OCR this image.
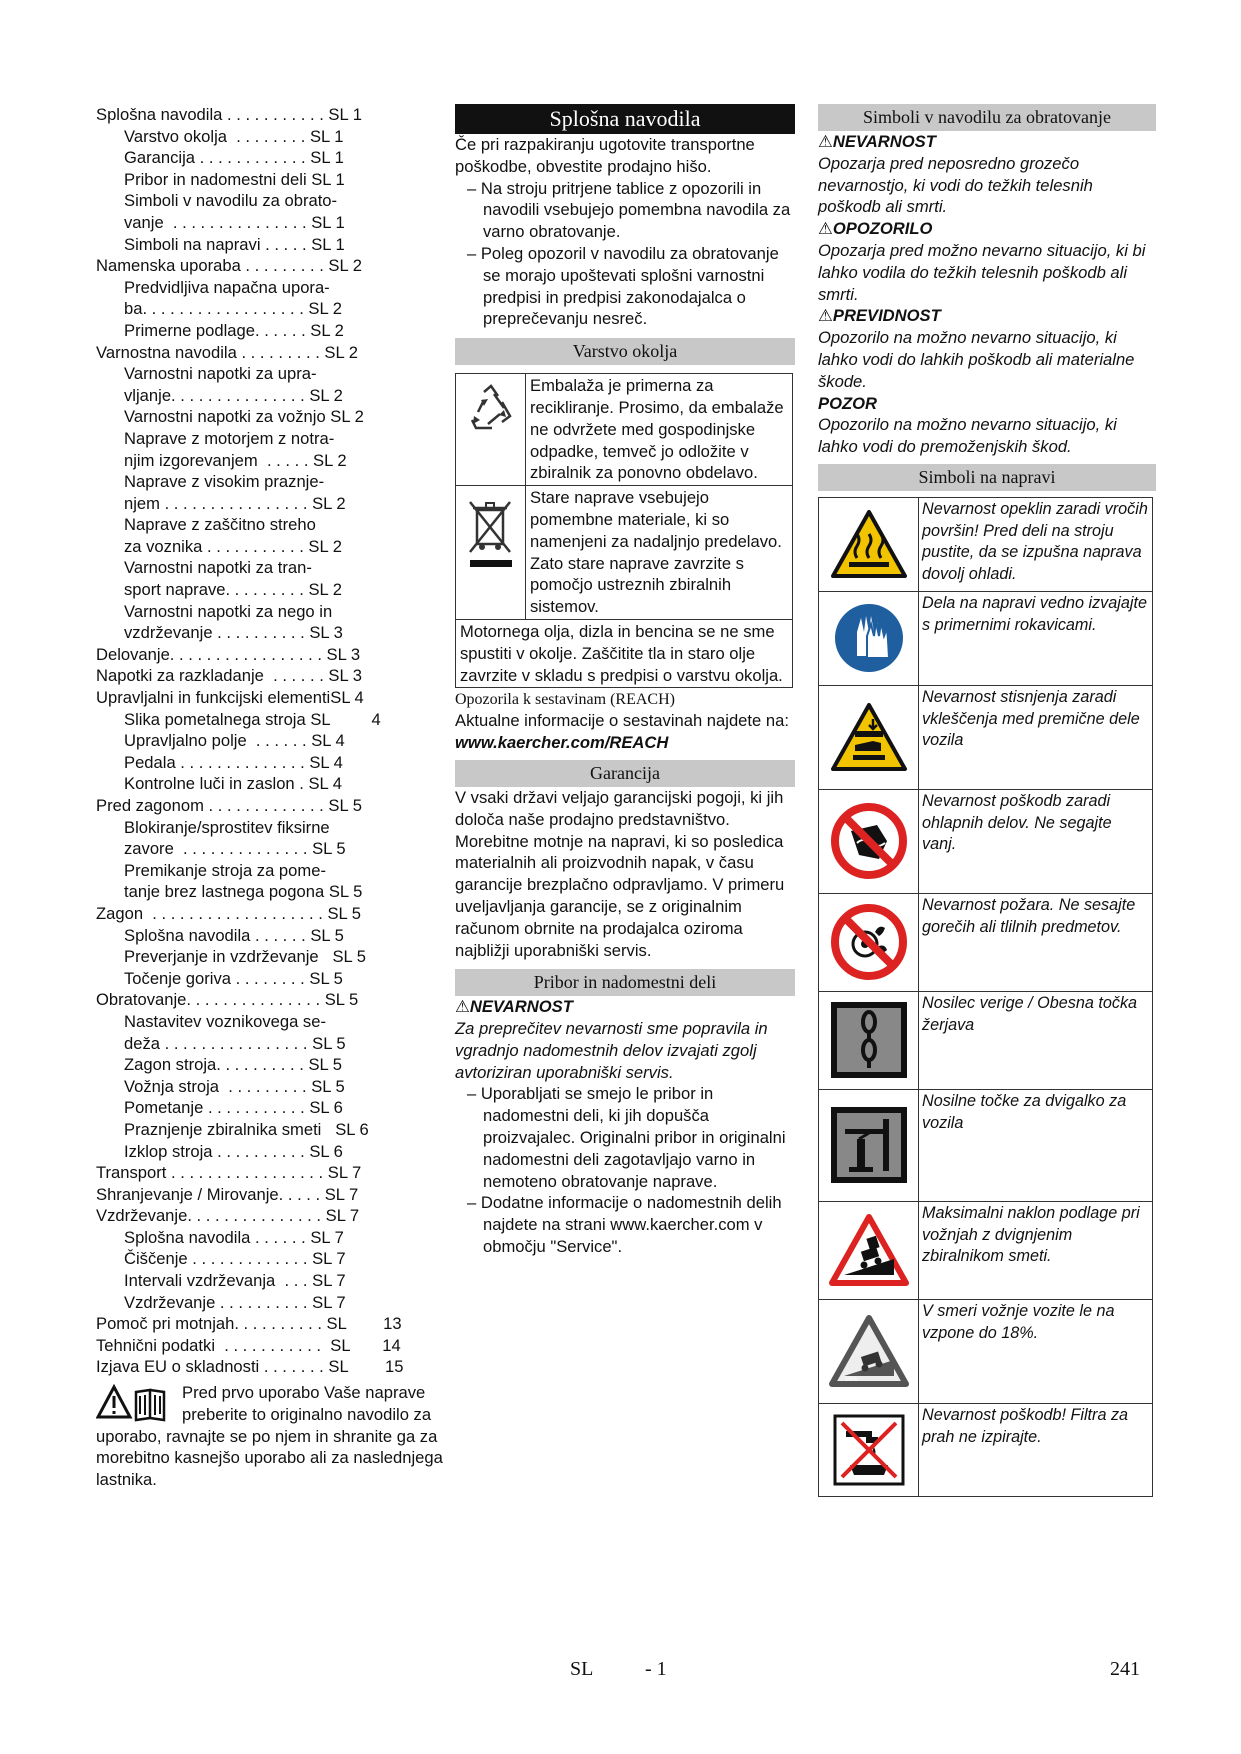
Splošna navodila . . . . . . . . . . . SL 1
Varstvo okolja  . . . . . . . . SL 1
Garancija . . . . . . . . . . . . SL 1
Pribor in nadomestni deli SL 1
Simboli v navodilu za obrato-
vanje  . . . . . . . . . . . . . . . SL 1
Simboli na napravi . . . . . SL 1
Namenska uporaba . . . . . . . . . SL 2
Predvidljiva napačna upora-
ba. . . . . . . . . . . . . . . . . . SL 2
Primerne podlage. . . . . . SL 2
Varnostna navodila . . . . . . . . . SL 2
Varnostni napotki za upra-
vljanje. . . . . . . . . . . . . . . SL 2
Varnostni napotki za vožnjo SL 2
Naprave z motorjem z notra-
njim izgorevanjem  . . . . . SL 2
Naprave z visokim praznje-
njem . . . . . . . . . . . . . . . . SL 2
Naprave z zaščitno streho
za voznika . . . . . . . . . . . SL 2
Varnostni napotki za tran-
sport naprave. . . . . . . . . SL 2
Varnostni napotki za nego in
vzdrževanje . . . . . . . . . . SL 3
Delovanje. . . . . . . . . . . . . . . . . SL 3
Napotki za razkladanje  . . . . . . SL 3
Upravljalni in funkcijski elementiSL 4
Slika pometalnega stroja SL         4
Upravljalno polje  . . . . . . SL 4
Pedala . . . . . . . . . . . . . . SL 4
Kontrolne luči in zaslon . SL 4
Pred zagonom . . . . . . . . . . . . . SL 5
Blokiranje/sprostitev fiksirne
zavore  . . . . . . . . . . . . . . SL 5
Premikanje stroja za pome-
tanje brez lastnega pogona SL 5
Zagon  . . . . . . . . . . . . . . . . . . . SL 5
Splošna navodila . . . . . . SL 5
Preverjanje in vzdrževanje   SL 5
Točenje goriva . . . . . . . . SL 5
Obratovanje. . . . . . . . . . . . . . . SL 5
Nastavitev voznikovega se-
deža . . . . . . . . . . . . . . . . SL 5
Zagon stroja. . . . . . . . . . SL 5
Vožnja stroja  . . . . . . . . . SL 5
Pometanje . . . . . . . . . . . SL 6
Praznjenje zbiralnika smeti   SL 6
Izklop stroja . . . . . . . . . . SL 6
Transport . . . . . . . . . . . . . . . . . SL 7
Shranjevanje / Mirovanje. . . . . SL 7
Vzdrževanje. . . . . . . . . . . . . . . SL 7
Splošna navodila . . . . . . SL 7
Čiščenje . . . . . . . . . . . . . SL 7
Intervali vzdrževanja  . . . SL 7
Vzdrževanje . . . . . . . . . . SL 7
Pomoč pri motnjah. . . . . . . . . . SL        13
Tehnični podatki  . . . . . . . . . . .  SL       14
Izjava EU o skladnosti . . . . . . . SL        15
Pred prvo uporabo Vaše naprave preberite to originalno navodilo za uporabo, ravnajte se po njem in shranite ga za morebitno kasnejšo uporabo ali za naslednjega lastnika.
Splošna navodila
Če pri razpakiranju ugotovite transportne poškodbe, obvestite prodajno hišo.
– Na stroju pritrjene tablice z opozorili in navodili vsebujejo pomembna navodila za varno obratovanje.
– Poleg opozoril v navodilu za obratovanje se morajo upoštevati splošni varnostni predpisi in predpisi zakonodajalca o preprečevanju nesreč.
Varstvo okolja
Embalaža je primerna za recikliranje. Prosimo, da embalaže ne odvržete med gospodinjske odpadke, temveč jo odložite v zbiralnik za ponovno obdelavo.
Stare naprave vsebujejo pomembne materiale, ki so namenjeni za nadaljnjo predelavo. Zato stare naprave zavrzite s pomočjo ustreznih zbiralnih sistemov.
Motornega olja, dizla in bencina se ne sme spustiti v okolje. Zaščitite tla in staro olje zavrzite v skladu s predpisi o varstvu okolja.
Opozorila k sestavinam (REACH)
Aktualne informacije o sestavinah najdete na:
www.kaercher.com/REACH
Garancija
V vsaki državi veljajo garancijski pogoji, ki jih določa naše prodajno predstavništvo. Morebitne motnje na napravi, ki so posledica materialnih ali proizvodnih napak, v času garancije brezplačno odpravljamo. V primeru uveljavljanja garancije, se z originalnim računom obrnite na prodajalca oziroma najbližji uporabniški servis.
Pribor in nadomestni deli
⚠NEVARNOST
Za preprečitev nevarnosti sme popravila in vgradnjo nadomestnih delov izvajati zgolj avtoriziran uporabniški servis.
– Uporabljati se smejo le pribor in nadomestni deli, ki jih dopušča proizvajalec. Originalni pribor in originalni nadomestni deli zagotavljajo varno in nemoteno obratovanje naprave.
– Dodatne informacije o nadomestnih delih najdete na strani www.kaercher.com v območju "Service".
Simboli v navodilu za obratovanje
⚠NEVARNOST
Opozarja pred neposredno grozečo nevarnostjo, ki vodi do težkih telesnih poškodb ali smrti.
⚠OPOZORILO
Opozarja pred možno nevarno situacijo, ki bi lahko vodila do težkih telesnih poškodb ali smrti.
⚠PREVIDNOST
Opozorilo na možno nevarno situacijo, ki lahko vodi do lahkih poškodb ali materialne škode.
POZOR
Opozorilo na možno nevarno situacijo, ki lahko vodi do premoženjskih škod.
Simboli na napravi
Nevarnost opeklin zaradi vročih površin! Pred deli na stroju pustite, da se izpušna naprava dovolj ohladi.
Dela na napravi vedno izvajajte s primernimi rokavicami.
Nevarnost stisnjenja zaradi vkleščenja med premične dele vozila
Nevarnost poškodb zaradi ohlapnih delov. Ne segajte vanj.
Nevarnost požara. Ne sesajte gorečih ali tlilnih predmetov.
Nosilec verige / Obesna točka žerjava
Nosilne točke za dvigalko za vozila
0%
Maksimalni naklon podlage pri vožnjah z dvignjenim zbiralnikom smeti.
18%
V smeri vožnje vozite le na vzpone do 18%.
Nevarnost poškodb! Filtra za prah ne izpirajte.
SL	- 1	241
